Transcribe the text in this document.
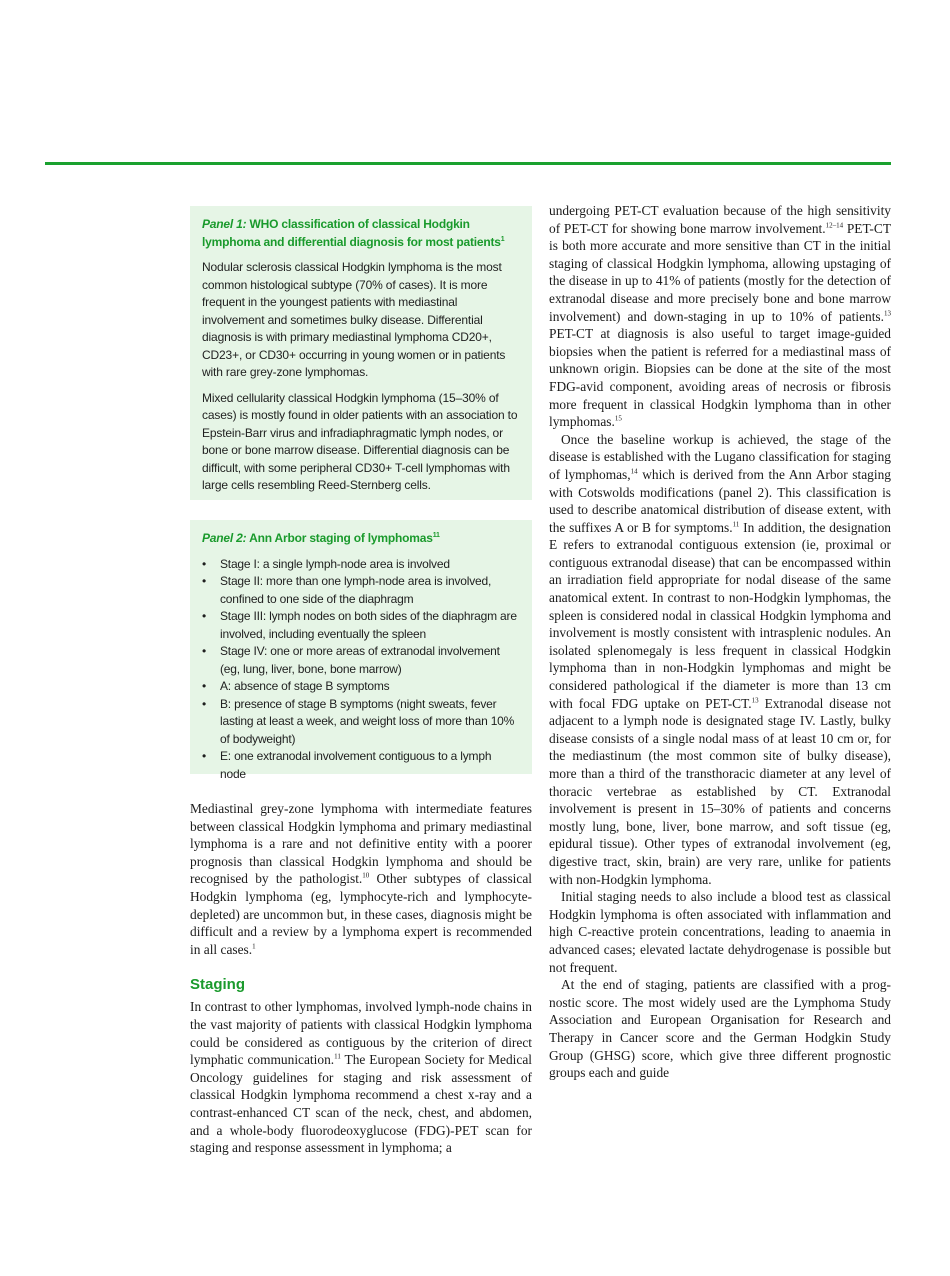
Panel 1: WHO classification of classical Hodgkin lymphoma and differential diagnosis for most patients$^1$

Nodular sclerosis classical Hodgkin lymphoma is the most common histological subtype (70% of cases). It is more frequent in the youngest patients with mediastinal involvement and sometimes bulky disease. Differential diagnosis is with primary mediastinal lymphoma CD20+, CD23+, or CD30+ occurring in young women or in patients with rare grey-zone lymphomas.

Mixed cellularity classical Hodgkin lymphoma (15–30% of cases) is mostly found in older patients with an association to Epstein-Barr virus and infradiaphragmatic lymph nodes, or bone or bone marrow disease. Differential diagnosis can be difficult, with some peripheral CD30+ T-cell lymphomas with large cells resembling Reed-Sternberg cells.

Panel 2: Ann Arbor staging of lymphomas$^{11}$
• Stage I: a single lymph-node area is involved
• Stage II: more than one lymph-node area is involved, confined to one side of the diaphragm
• Stage III: lymph nodes on both sides of the diaphragm are involved, including eventually the spleen
• Stage IV: one or more areas of extranodal involvement (eg, lung, liver, bone, bone marrow)
• A: absence of stage B symptoms
• B: presence of stage B symptoms (night sweats, fever lasting at least a week, and weight loss of more than 10% of bodyweight)
• E: one extranodal involvement contiguous to a lymph node

Mediastinal grey-zone lymphoma with intermediate features between classical Hodgkin lymphoma and primary mediastinal lymphoma is a rare and not definitive entity with a poorer prognosis than classical Hodgkin lymphoma and should be recognised by the pathologist.$^{10}$ Other subtypes of classical Hodgkin lymphoma (eg, lymphocyte-rich and lymphocyte-depleted) are uncommon but, in these cases, diagnosis might be difficult and a review by a lymphoma expert is recommended in all cases.$^1$

Staging

In contrast to other lymphomas, involved lymph-node chains in the vast majority of patients with classical Hodgkin lymphoma could be considered as contiguous by the criterion of direct lymphatic communication.$^{11}$ The European Society for Medical Oncology guidelines for staging and risk assessment of classical Hodgkin lymphoma recommend a chest x-ray and a contrast-enhanced CT scan of the neck, chest, and abdomen, and a whole-body fluorodeoxyglucose (FDG)-PET scan for staging and response assessment in lymphoma; a

undergoing PET-CT evaluation because of the high sensitivity of PET-CT for showing bone marrow involvement.$^{12-14}$ PET-CT is both more accurate and more sensitive than CT in the initial staging of classical Hodgkin lymphoma, allowing upstaging of the disease in up to 41% of patients (mostly for the detection of extranodal disease and more precisely bone and bone marrow involvement) and down-staging in up to 10% of patients.$^{13}$ PET-CT at diagnosis is also useful to target image-guided biopsies when the patient is referred for a mediastinal mass of unknown origin. Biopsies can be done at the site of the most FDG-avid component, avoiding areas of necrosis or fibrosis more frequent in classical Hodgkin lymphoma than in other lymphomas.$^{15}$

Once the baseline workup is achieved, the stage of the disease is established with the Lugano classification for staging of lymphomas,$^{14}$ which is derived from the Ann Arbor staging with Cotswolds modifications (panel 2). This classification is used to describe anatomical distribution of disease extent, with the suffixes A or B for symptoms.$^{11}$ In addition, the designation E refers to extranodal contiguous extension (ie, proximal or contiguous extranodal disease) that can be encompassed within an irradiation field appropriate for nodal disease of the same anatomical extent. In contrast to non-Hodgkin lymphomas, the spleen is considered nodal in classical Hodgkin lymphoma and involvement is mostly consistent with intrasplenic nodules. An isolated splenomegaly is less frequent in classical Hodgkin lymphoma than in non-Hodgkin lymphomas and might be considered pathological if the diameter is more than 13 cm with focal FDG uptake on PET-CT.$^{13}$ Extranodal disease not adjacent to a lymph node is designated stage IV. Lastly, bulky disease consists of a single nodal mass of at least 10 cm or, for the mediastinum (the most common site of bulky disease), more than a third of the transthoracic diameter at any level of thoracic vertebrae as established by CT. Extranodal involvement is present in 15–30% of patients and concerns mostly lung, bone, liver, bone marrow, and soft tissue (eg, epidural tissue). Other types of extranodal involvement (eg, digestive tract, skin, brain) are very rare, unlike for patients with non-Hodgkin lymphoma.

Initial staging needs to also include a blood test as classical Hodgkin lymphoma is often associated with inflammation and high C-reactive protein concentrations, leading to anaemia in advanced cases; elevated lactate dehydrogenase is possible but not frequent.

At the end of staging, patients are classified with a prognostic score. The most widely used are the Lymphoma Study Association and European Organisation for Research and Therapy in Cancer score and the German Hodgkin Study Group (GHSG) score, which give three different prognostic groups each and guide
